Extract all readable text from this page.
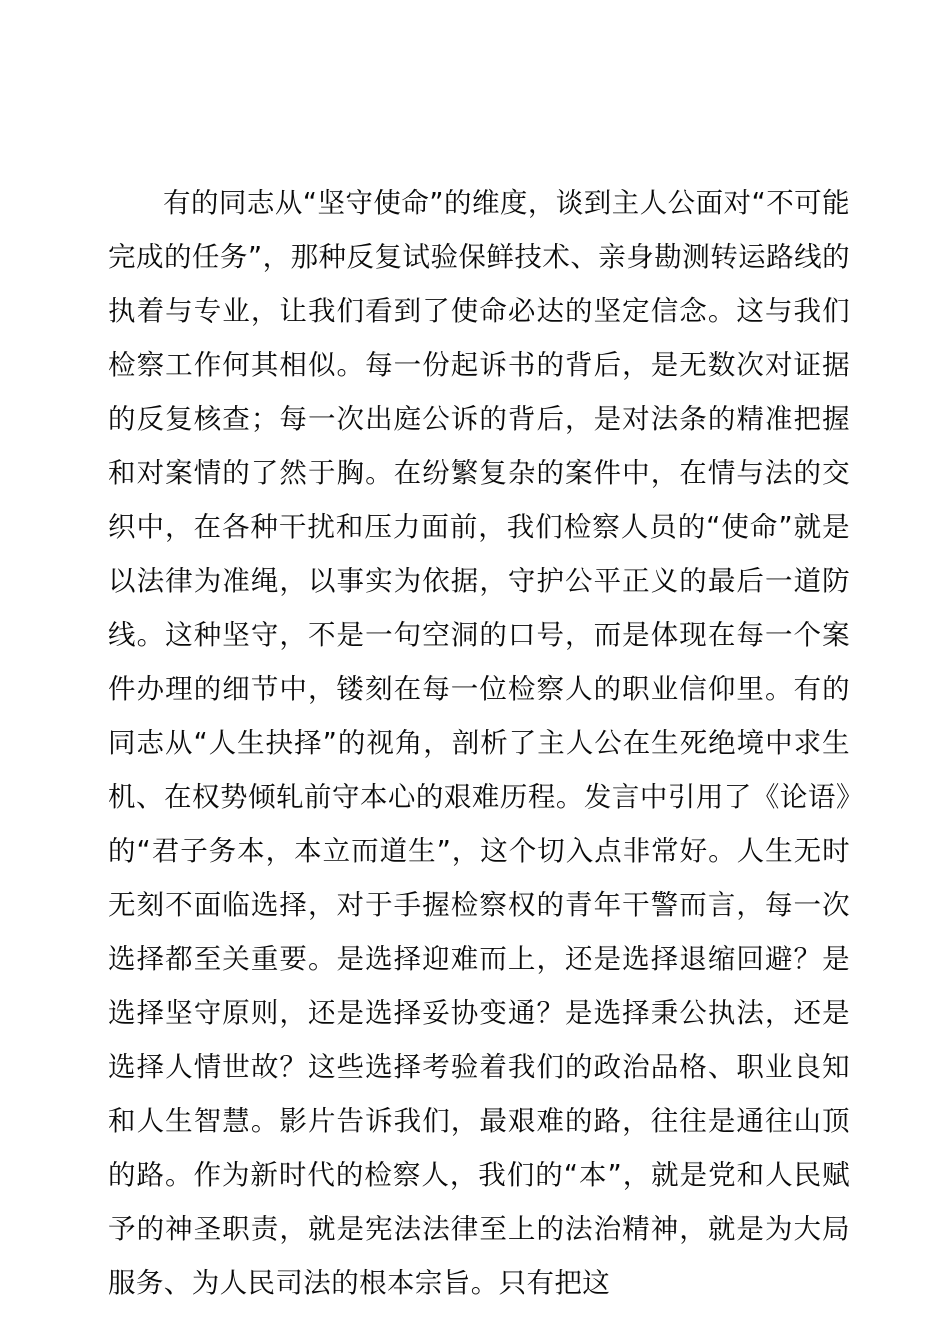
有的同志从“坚守使命”的维度，谈到主人公面对“不可能完成的任务”，那种反复试验保鲜技术、亲身勘测转运路线的执着与专业，让我们看到了使命必达的坚定信念。这与我们检察工作何其相似。每一份起诉书的背后，是无数次对证据的反复核查；每一次出庭公诉的背后，是对法条的精准把握和对案情的了然于胸。在纷繁复杂的案件中，在情与法的交织中，在各种干扰和压力面前，我们检察人员的“使命”就是以法律为准绳，以事实为依据，守护公平正义的最后一道防线。这种坚守，不是一句空洞的口号，而是体现在每一个案件办理的细节中，镂刻在每一位检察人的职业信仰里。有的同志从“人生抉择”的视角，剖析了主人公在生死绝境中求生机、在权势倾轧前守本心的艰难历程。发言中引用了《论语》的“君子务本，本立而道生”，这个切入点非常好。人生无时无刻不面临选择，对于手握检察权的青年干警而言，每一次选择都至关重要。是选择迎难而上，还是选择退缩回避？是选择坚守原则，还是选择妥协变通？是选择秉公执法，还是选择人情世故？这些选择考验着我们的政治品格、职业良知和人生智慧。影片告诉我们，最艰难的路，往往是通往山顶的路。作为新时代的检察人，我们的“本”，就是党和人民赋予的神圣职责，就是宪法法律至上的法治精神，就是为大局服务、为人民司法的根本宗旨。只有把这
